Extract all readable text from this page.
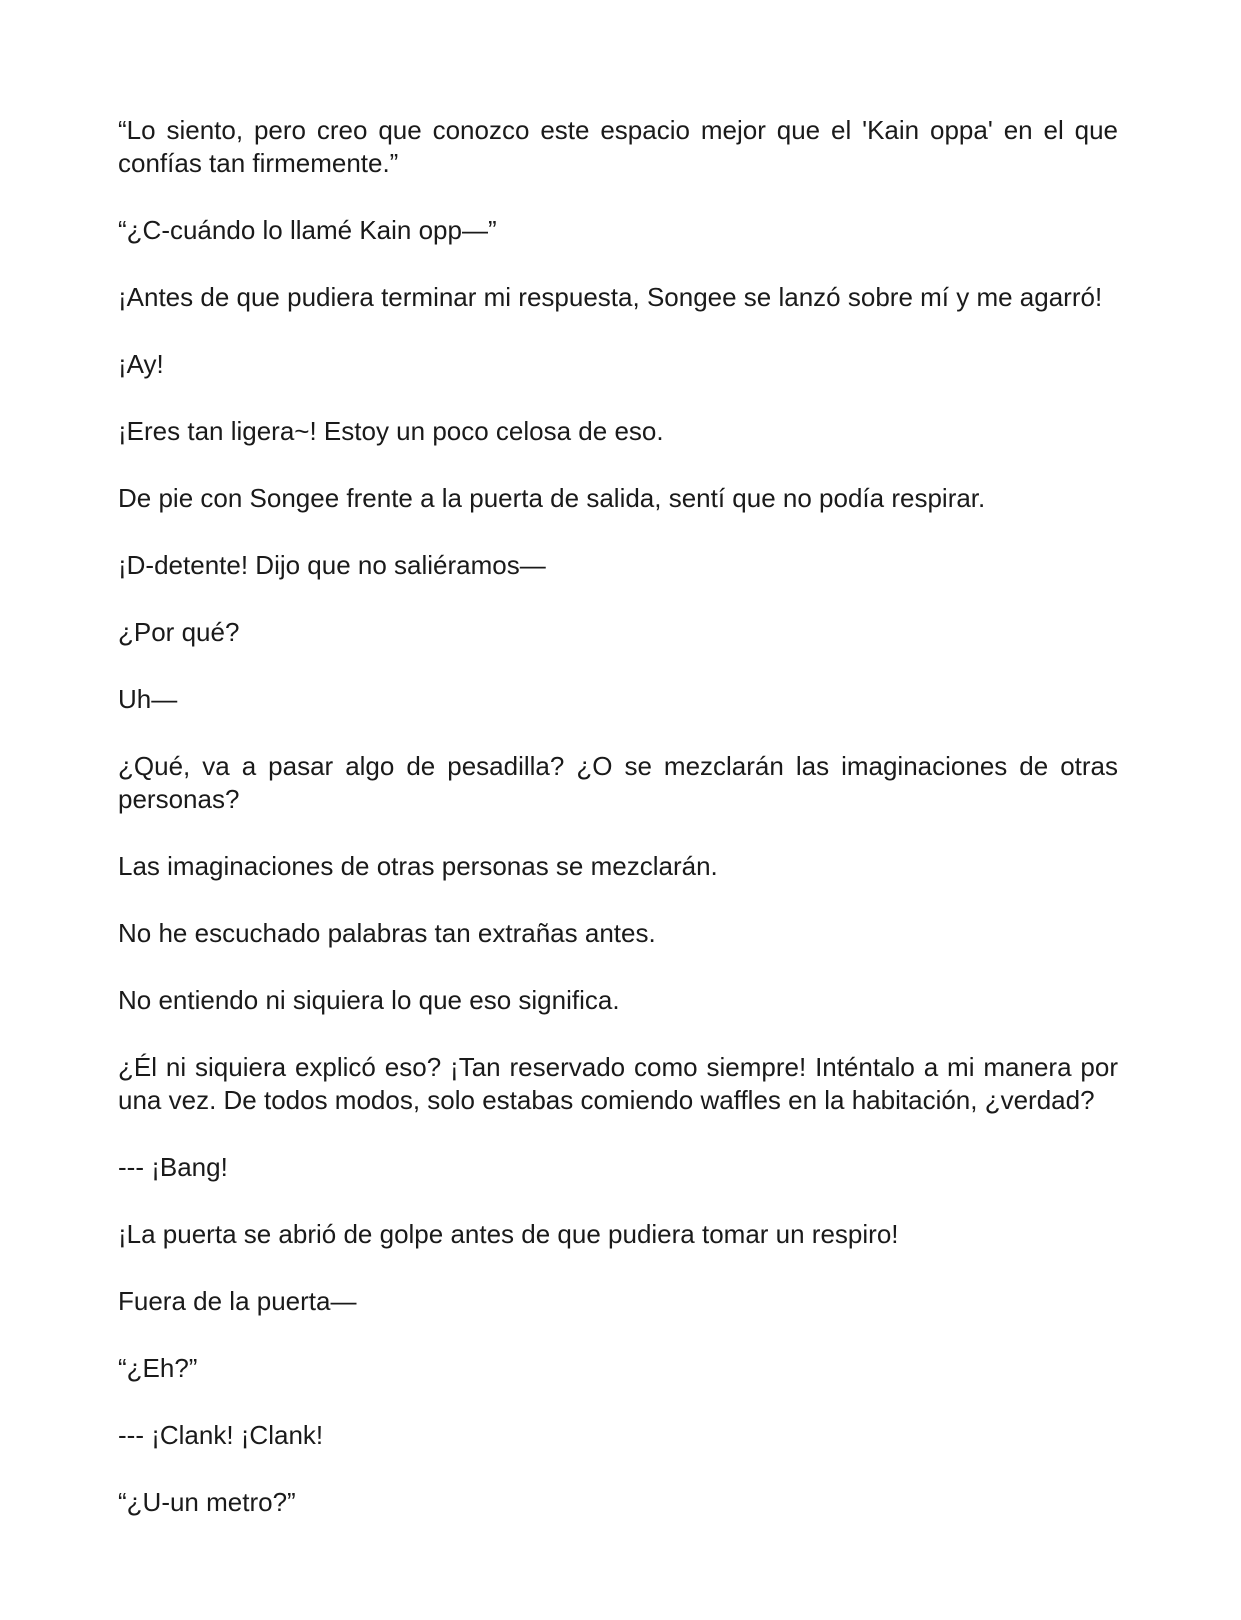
“Lo siento, pero creo que conozco este espacio mejor que el 'Kain oppa' en el que confías tan firmemente.”

“¿C-cuándo lo llamé Kain opp—”

¡Antes de que pudiera terminar mi respuesta, Songee se lanzó sobre mí y me agarró!

¡Ay!

¡Eres tan ligera~! Estoy un poco celosa de eso.

De pie con Songee frente a la puerta de salida, sentí que no podía respirar.

¡D-detente! Dijo que no saliéramos—

¿Por qué?

Uh—

¿Qué, va a pasar algo de pesadilla? ¿O se mezclarán las imaginaciones de otras personas?

Las imaginaciones de otras personas se mezclarán.

No he escuchado palabras tan extrañas antes.

No entiendo ni siquiera lo que eso significa.

¿Él ni siquiera explicó eso? ¡Tan reservado como siempre! Inténtalo a mi manera por una vez. De todos modos, solo estabas comiendo waffles en la habitación, ¿verdad?

--- ¡Bang!

¡La puerta se abrió de golpe antes de que pudiera tomar un respiro!

Fuera de la puerta—

“¿Eh?”

--- ¡Clank! ¡Clank!

“¿U-un metro?”
